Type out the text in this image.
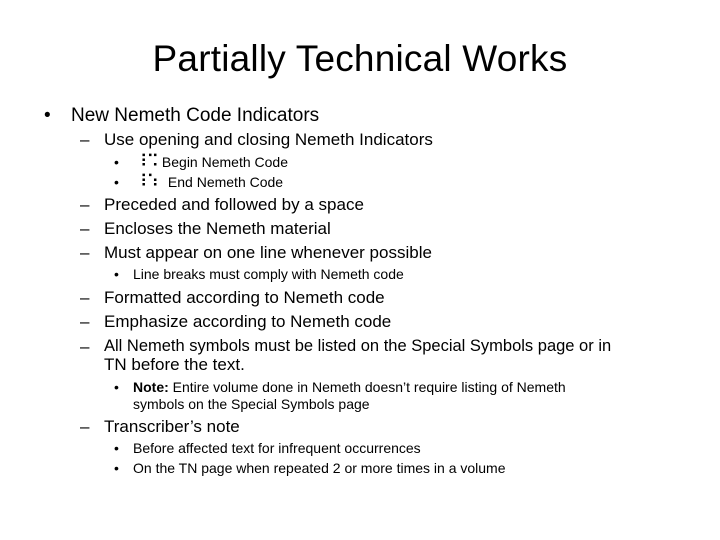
Partially Technical Works
• New Nemeth Code Indicators
– Use opening and closing Nemeth Indicators
• ⠸⠩ Begin Nemeth Code
• ⠸⠱ End Nemeth Code
– Preceded and followed by a space
– Encloses the Nemeth material
– Must appear on one line whenever possible
• Line breaks must comply with Nemeth code
– Formatted according to Nemeth code
– Emphasize according to Nemeth code
– All Nemeth symbols must be listed on the Special Symbols page or in
TN before the text.
• Note: Entire volume done in Nemeth doesn’t require listing of Nemeth
symbols on the Special Symbols page
– Transcriber’s note
• Before affected text for infrequent occurrences
• On the TN page when repeated 2 or more times in a volume
